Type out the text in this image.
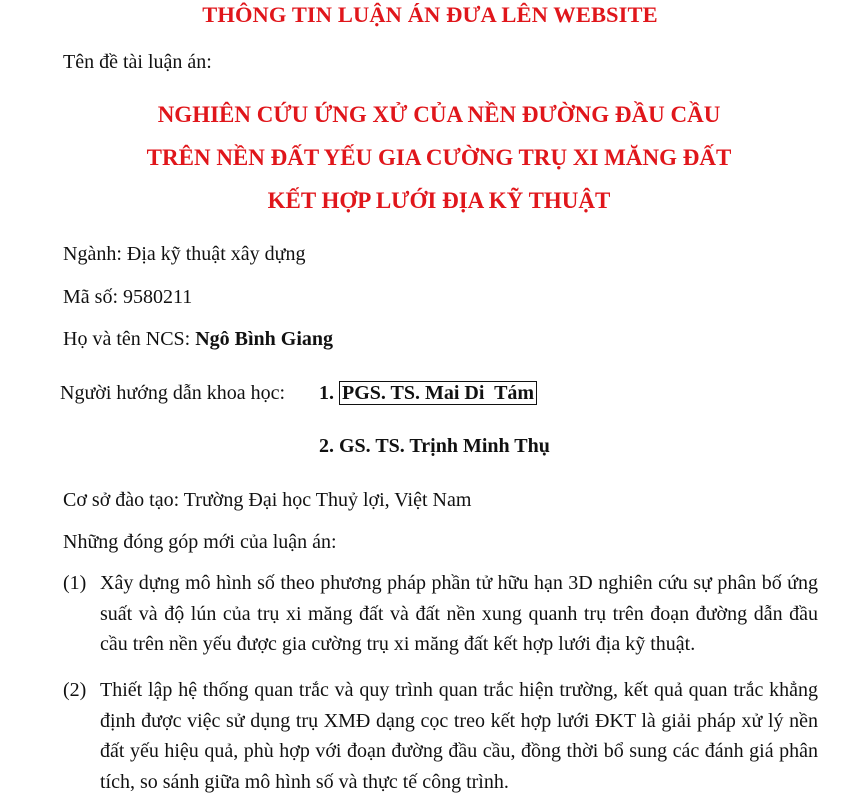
THÔNG TIN LUẬN ÁN ĐƯA LÊN WEBSITE
Tên đề tài luận án:
NGHIÊN CỨU ỨNG XỬ CỦA NỀN ĐƯỜNG ĐẦU CẦU
TRÊN NỀN ĐẤT YẾU GIA CƯỜNG TRỤ XI MĂNG ĐẤT
KẾT HỢP LƯỚI ĐỊA KỸ THUẬT
Ngành: Địa kỹ thuật xây dựng
Mã số: 9580211
Họ và tên NCS: Ngô Bình Giang
Người hướng dẫn khoa học: 1. PGS. TS. Mai Di  Tám
2. GS. TS. Trịnh Minh Thụ
Cơ sở đào tạo: Trường Đại học Thuỷ lợi, Việt Nam
Những đóng góp mới của luận án:
(1) Xây dựng mô hình số theo phương pháp phần tử hữu hạn 3D nghiên cứu sự phân bố ứng suất và độ lún của trụ xi măng đất và đất nền xung quanh trụ trên đoạn đường dẫn đầu cầu trên nền yếu được gia cường trụ xi măng đất kết hợp lưới địa kỹ thuật.
(2) Thiết lập hệ thống quan trắc và quy trình quan trắc hiện trường, kết quả quan trắc khẳng định được việc sử dụng trụ XMĐ dạng cọc treo kết hợp lưới ĐKT là giải pháp xử lý nền đất yếu hiệu quả, phù hợp với đoạn đường đầu cầu, đồng thời bổ sung các đánh giá phân tích, so sánh giữa mô hình số và thực tế công trình.
